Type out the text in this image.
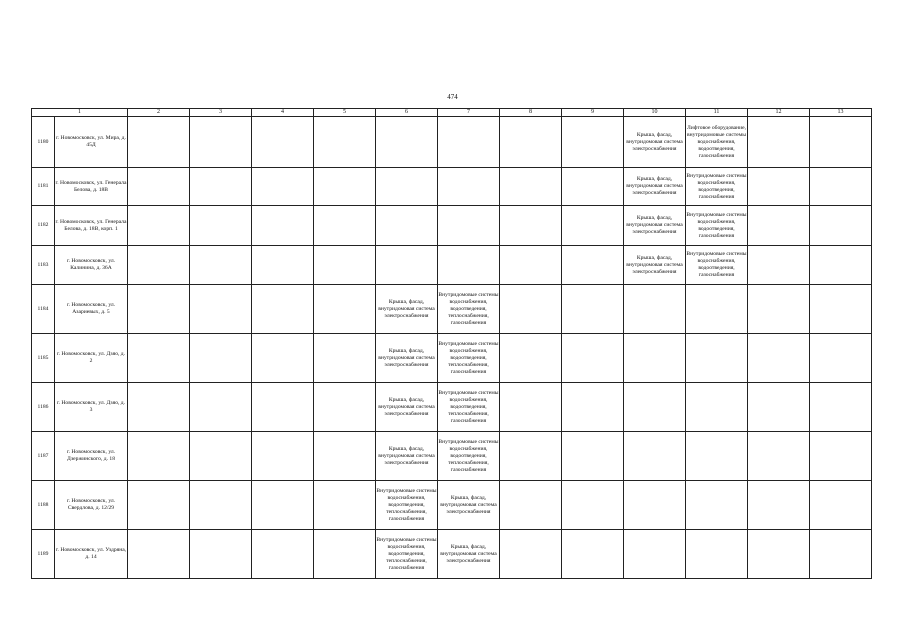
474
1		2	3	4	5	6	7	8	9	10	11	12	13
1180	г. Новомосковск, ул. Мира, д. 45Д									Крыша, фасад, внутридомовая система электроснабжения	Лифтовое оборудование, внутридомовые системы водоснабжения, водоотведения, газоснабжения		
1181	г. Новомосковск, ул. Генерала Белова, д. 18В									Крыша, фасад, внутридомовая система электроснабжения	Внутридомовые системы водоснабжения, водоотведения, газоснабжения		
1182	г. Новомосковск, ул. Генерала Белова, д. 18В, корп. 1									Крыша, фасад, внутридомовая система электроснабжения	Внутридомовые системы водоснабжения, водоотведения, газоснабжения		
1183	г. Новомосковск, ул. Калинина, д. 36А									Крыша, фасад, внутридомовая система электроснабжения	Внутридомовые системы водоснабжения, водоотведения, газоснабжения		
1184	г. Новомосковск, ул. Азариевых, д. 5					Крыша, фасад, внутридомовая система электроснабжения	Внутридомовые системы водоснабжения, водоотведения, теплоснабжения, газоснабжения						
1185	г. Новомосковск, ул. Дзяо, д. 2					Крыша, фасад, внутридомовая система электроснабжения	Внутридомовые системы водоснабжения, водоотведения, теплоснабжения, газоснабжения						
1186	г. Новомосковск, ул. Дзяо, д. 3					Крыша, фасад, внутридомовая система электроснабжения	Внутридомовые системы водоснабжения, водоотведения, теплоснабжения, газоснабжения						
1187	г. Новомосковск, ул. Дзержинского, д. 18					Крыша, фасад, внутридомовая система электроснабжения	Внутридомовые системы водоснабжения, водоотведения, теплоснабжения, газоснабжения						
1188	г. Новомосковск, ул. Свердлова, д. 12/29					Внутридомовые системы водоснабжения, водоотведения, теплоснабжения, газоснабжения	Крыша, фасад, внутридомовая система электроснабжения						
1189	г. Новомосковск, ул. Уздряна, д. 14					Внутридомовые системы водоснабжения, водоотведения, теплоснабжения, газоснабжения	Крыша, фасад, внутридомовая система электроснабжения						
